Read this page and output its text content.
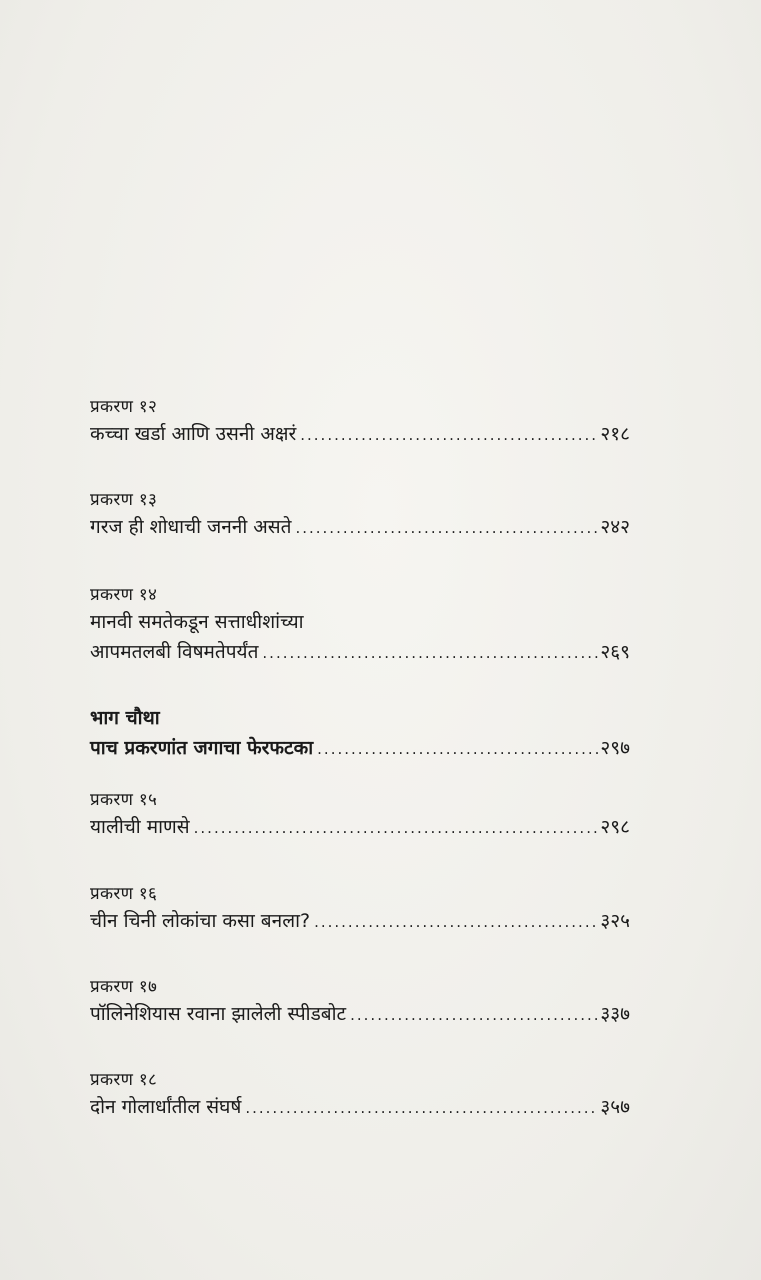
प्रकरण १२
कच्चा खर्डा आणि उसनी अक्षरं .....	२१८
प्रकरण १३
गरज ही शोधाची जननी असते .....	२४२
प्रकरण १४
मानवी समतेकडून सत्ताधीशांच्या
आपमतलबी विषमतेपर्यंत .....	२६९
भाग चौथा
पाच प्रकरणांत जगाचा फेरफटका .....	२९७
प्रकरण १५
यालीची माणसे .....	२९८
प्रकरण १६
चीन चिनी लोकांचा कसा बनला? .....	३२५
प्रकरण १७
पॉलिनेशियास रवाना झालेली स्पीडबोट .....	३३७
प्रकरण १८
दोन गोलार्धांतील संघर्ष .....	३५७
